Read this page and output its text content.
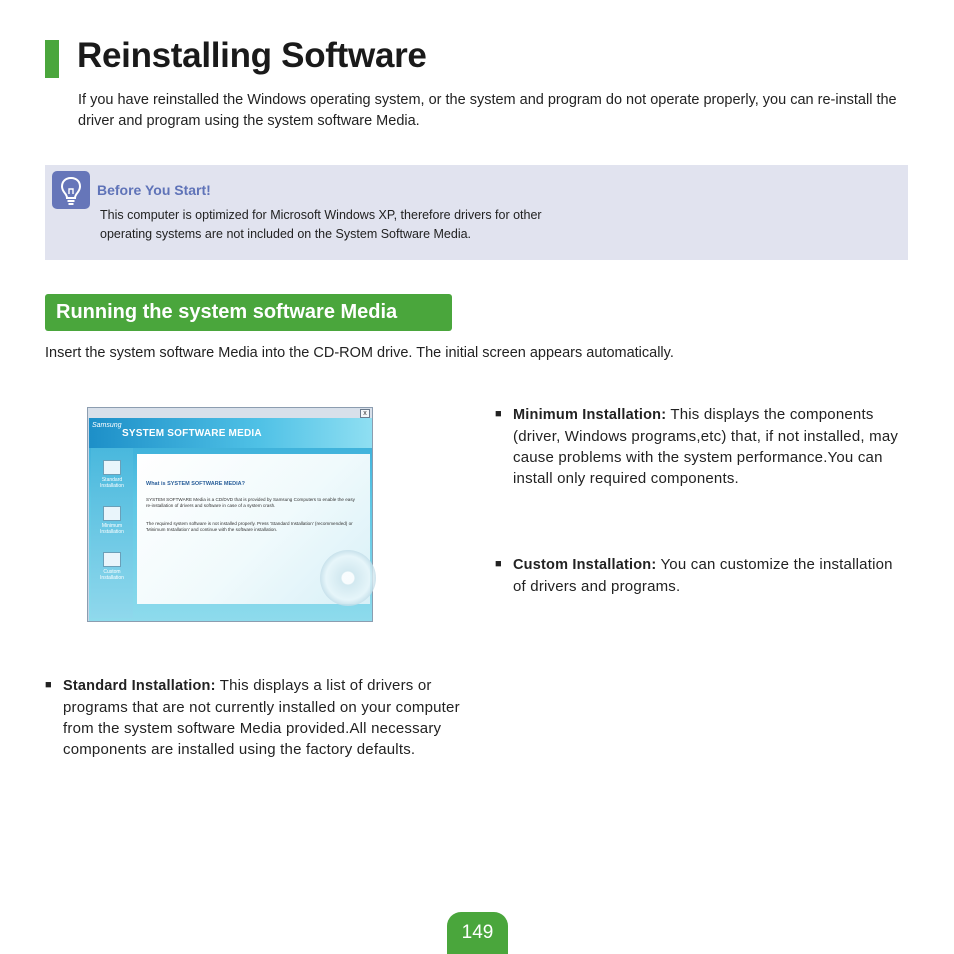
Reinstalling Software
If you have reinstalled the Windows operating system, or the system and program do not operate properly, you can re-install the driver and program using the system software Media.
Before You Start!
This computer is optimized for Microsoft Windows XP, therefore drivers for other operating systems are not included on the System Software Media.
Running the system software Media
Insert the system software Media into the CD-ROM drive. The initial screen appears automatically.
x
Samsung
SYSTEM SOFTWARE MEDIA
Standard Installation
Minimum Installation
Custom Installation
What is SYSTEM SOFTWARE MEDIA?
SYSTEM SOFTWARE Media is a CD/DVD that is provided by Samsung Computers to enable the easy re-installation of drivers and software in case of a system crash.
The required system software is not installed properly. Press 'Standard Installation' (recommended) or 'Minimum Installation' and continue with the software installation.
■ Minimum Installation: This displays the components (driver, Windows programs,etc) that, if not installed, may cause problems with the system performance.You can install only required components.
■ Custom Installation: You can customize the installation of drivers and programs.
■ Standard Installation: This displays a list of drivers or programs that are not currently installed on your computer from the system software Media provided.All necessary components are installed using the factory defaults.
149
